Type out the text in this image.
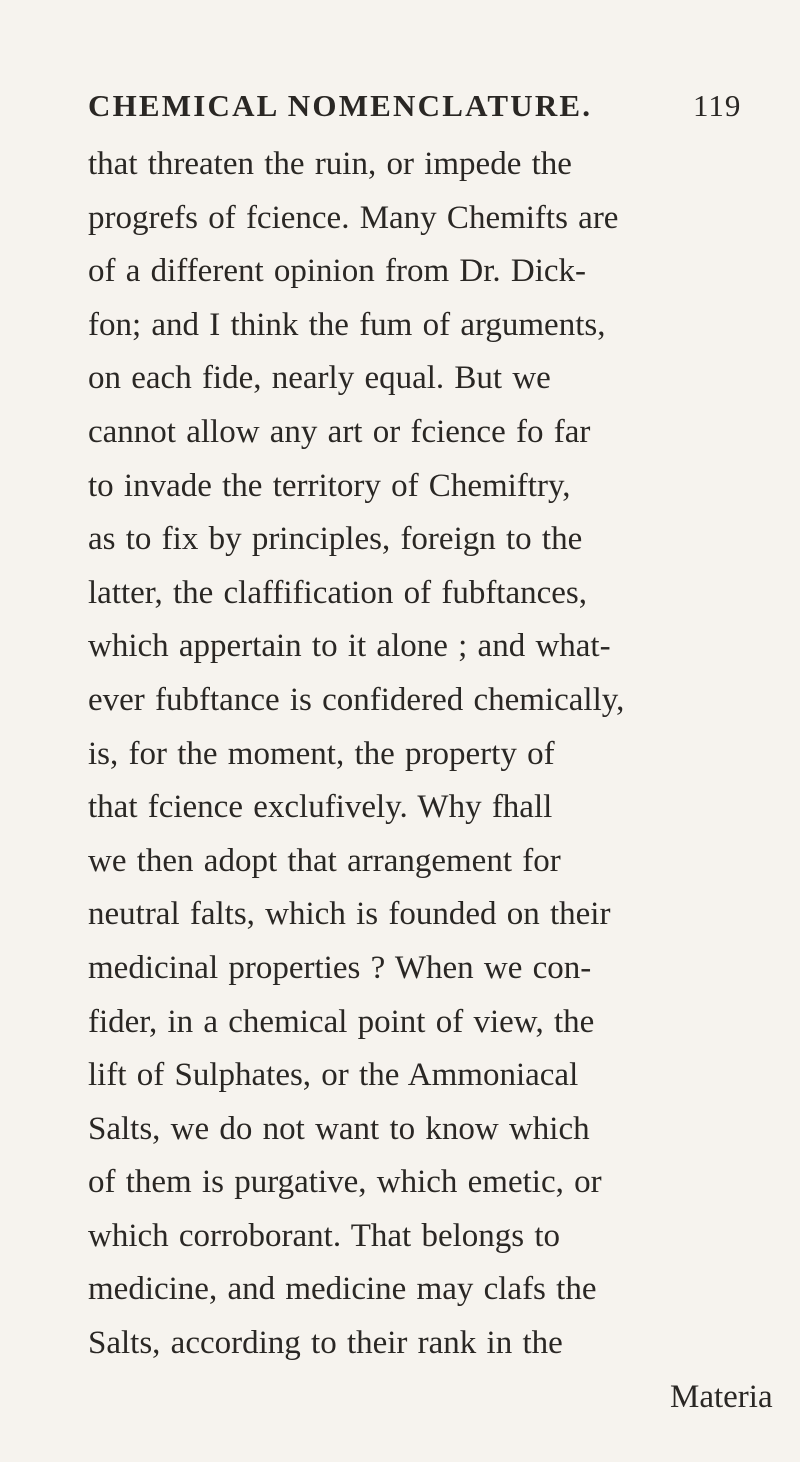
CHEMICAL NOMENCLATURE.	119
that threaten the ruin, or impede the
progrefs of fcience. Many Chemifts are
of a different opinion from Dr. Dick-
fon; and I think the fum of arguments,
on each fide, nearly equal. But we
cannot allow any art or fcience fo far
to invade the territory of Chemiftry,
as to fix by principles, foreign to the
latter, the claffification of fubftances,
which appertain to it alone ; and what-
ever fubftance is confidered chemically,
is, for the moment, the property of
that fcience exclufively. Why fhall
we then adopt that arrangement for
neutral falts, which is founded on their
medicinal properties ? When we con-
fider, in a chemical point of view, the
lift of Sulphates, or the Ammoniacal
Salts, we do not want to know which
of them is purgative, which emetic, or
which corroborant. That belongs to
medicine, and medicine may clafs the
Salts, according to their rank in the
Materia
